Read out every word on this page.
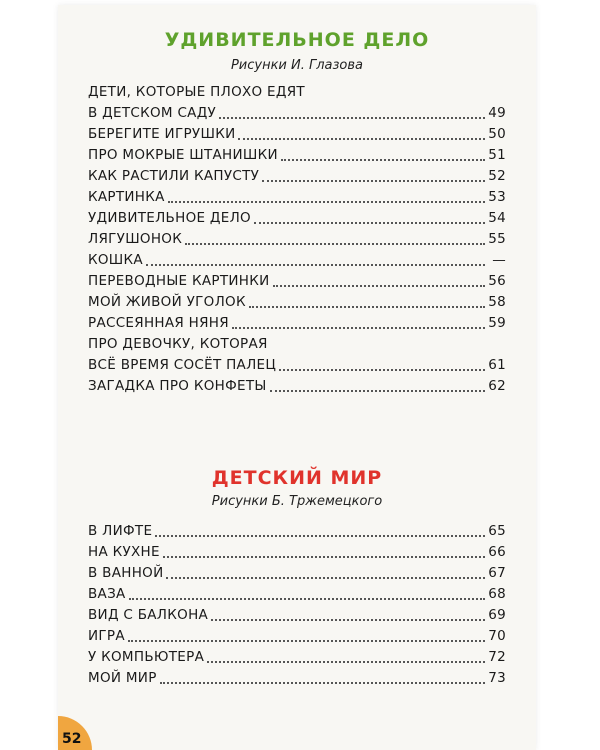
УДИВИТЕЛЬНОЕ ДЕЛО
Рисунки И. Глазова
ДЕТИ, КОТОРЫЕ ПЛОХО ЕДЯТ
В ДЕТСКОМ САДУ	49
БЕРЕГИТЕ ИГРУШКИ	50
ПРО МОКРЫЕ ШТАНИШКИ	51
КАК РАСТИЛИ КАПУСТУ	52
КАРТИНКА	53
УДИВИТЕЛЬНОЕ ДЕЛО	54
ЛЯГУШОНОК	55
КОШКА	—
ПЕРЕВОДНЫЕ КАРТИНКИ	56
МОЙ ЖИВОЙ УГОЛОК	58
РАССЕЯННАЯ НЯНЯ	59
ПРО ДЕВОЧКУ, КОТОРАЯ
ВСЁ ВРЕМЯ СОСЁТ ПАЛЕЦ	61
ЗАГАДКА ПРО КОНФЕТЫ	62
ДЕТСКИЙ МИР
Рисунки Б. Тржемецкого
В ЛИФТЕ	65
НА КУХНЕ	66
В ВАННОЙ	67
ВАЗА	68
ВИД С БАЛКОНА	69
ИГРА	70
У КОМПЬЮТЕРА	72
МОЙ МИР	73
52
